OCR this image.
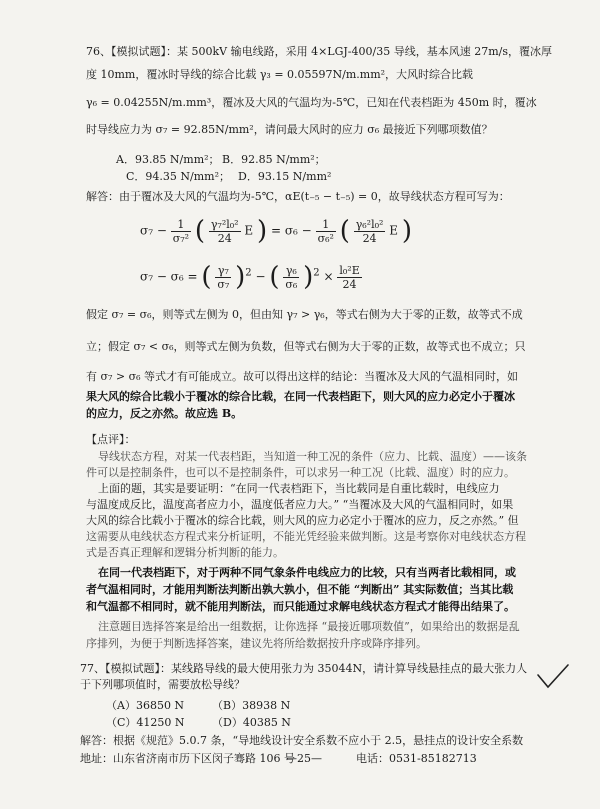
76、【模拟试题】：某 500kV 输电线路，采用 4×LGJ-400/35 导线，基本风速 27m/s，覆冰厚
度 10mm，覆冰时导线的综合比载 γ₃ = 0.05597N/m.mm²，大风时综合比载
γ₆ = 0.04255N/m.mm³，覆冰及大风的气温均为-5℃，已知在代表档距为 450m 时，覆冰
时导线应力为 σ₇ = 92.85N/mm²，请问最大风时的应力 σ₆ 最接近下列哪项数值？
A．93.85 N/mm²； B．92.85 N/mm²；
C．94.35 N/mm²； D．93.15 N/mm²
解答：由于覆冰及大风的气温均为-5℃，αE(t₋₅ − t₋₅) = 0，故导线状态方程可写为：
$\sigma_7 - \frac{1}{\text{σ₇²}}$ ( $\frac{\text{γ₇²l₀²}}{24}$ E ) = $\sigma_6 - \frac{1}{\text{σ₆²}}$ ( $\frac{\text{γ₆²l₀²}}{24}$ E )
σ₇ − σ₆ = ( $\frac{\text{γ₇}}{\text{σ₇}} )^2$ − ( $\frac{\text{γ₆}}{\text{σ₆}} )^2 \times \frac{\text{l₀²E}}{24}$
假定 σ₇ = σ₆，则等式左侧为 0，但由知 γ₇ > γ₆，等式右侧为大于零的正数，故等式不成
立；假定 σ₇ < σ₆，则等式左侧为负数，但等式右侧为大于零的正数，故等式也不成立；只
有 σ₇ > σ₆ 等式才有可能成立。故可以得出这样的结论：当覆冰及大风的气温相同时，如
果大风的综合比载小于覆冰的综合比载，在同一代表档距下，则大风的应力必定小于覆冰
的应力，反之亦然。故应选 B。
【点评】：
导线状态方程，对某一代表档距，当知道一种工况的条件（应力、比载、温度）——该条
件可以是控制条件，也可以不是控制条件，可以求另一种工况（比载、温度）时的应力。
上面的题，其实是要证明：“在同一代表档距下，当比载同是自重比载时，电线应力
与温度成反比，温度高者应力小，温度低者应力大。” “当覆冰及大风的气温相同时，如果
大风的综合比载小于覆冰的综合比载，则大风的应力必定小于覆冰的应力，反之亦然。” 但
这需要从电线状态方程式来分析证明，不能光凭经验来做判断。这是考察你对电线状态方程
式是否真正理解和逻辑分析判断的能力。
在同一代表档距下，对于两种不同气象条件电线应力的比较，只有当两者比载相同，或
者气温相同时，才能用判断法判断出孰大孰小，但不能 “判断出” 其实际数值；当其比载
和气温都不相同时，就不能用判断法，而只能通过求解电线状态方程式才能得出结果了。
注意题目选择答案是给出一组数据，让你选择 “最接近哪项数值”，如果给出的数据是乱
序排列，为便于判断选择答案，建议先将所给数据按升序或降序排列。
77、【模拟试题】：某线路导线的最大使用张力为 35044N，请计算导线悬挂点的最大张力人
于下列哪项值时，需要放松导线？
（A）36850 N	（B）38938 N
（C）41250 N （D）40385 N
解答：根据《规范》5.0.7 条，“导地线设计安全系数不应小于 2.5，悬挂点的设计安全系数
地址：山东省济南市历下区闵子骞路 106 号
—25—	电话：0531-85182713
